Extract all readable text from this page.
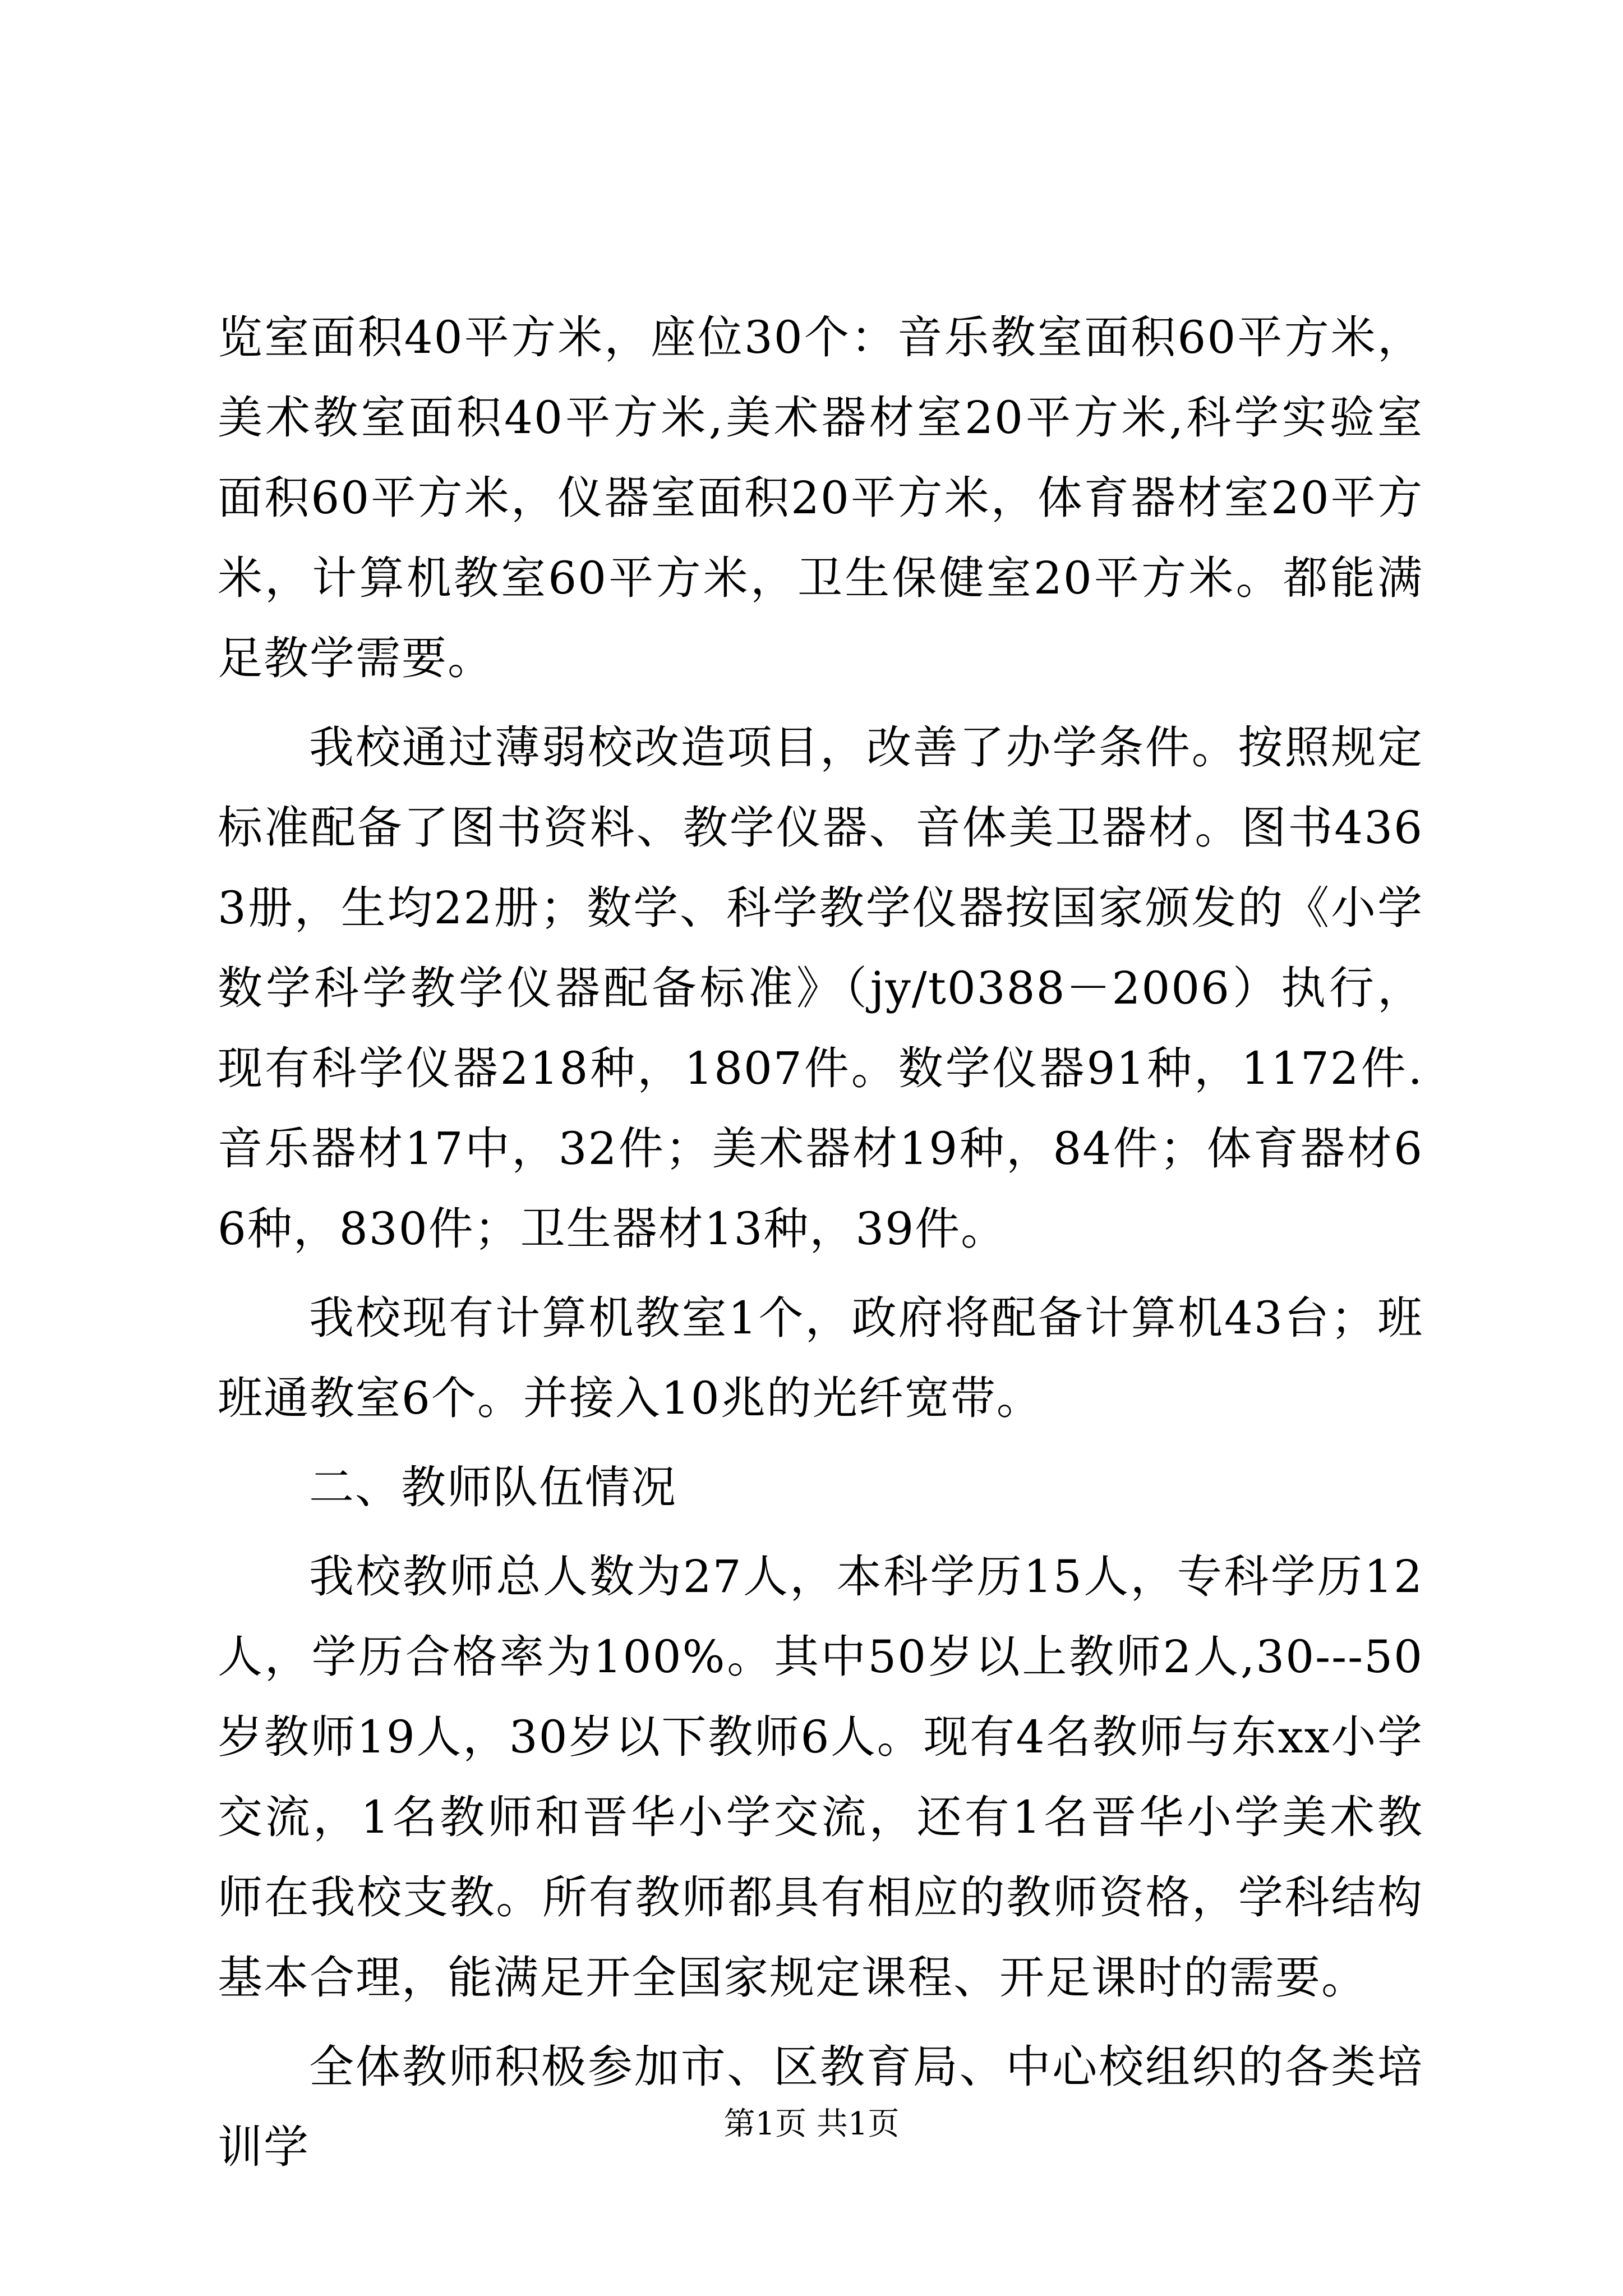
览室面积40平方米，座位30个：音乐教室面积60平方米，美术教室面积40平方米,美术器材室20平方米,科学实验室面积60平方米，仪器室面积20平方米，体育器材室20平方米，计算机教室60平方米，卫生保健室20平方米。都能满足教学需要。

我校通过薄弱校改造项目，改善了办学条件。按照规定标准配备了图书资料、教学仪器、音体美卫器材。图书4363册，生均22册；数学、科学教学仪器按国家颁发的《小学数学科学教学仪器配备标准》（jy/t0388－2006）执行，现有科学仪器218种，1807件。数学仪器91种，1172件.音乐器材17中，32件；美术器材19种，84件；体育器材66种，830件；卫生器材13种，39件。

我校现有计算机教室1个，政府将配备计算机43台；班班通教室6个。并接入10兆的光纤宽带。

二、教师队伍情况

我校教师总人数为27人，本科学历15人，专科学历12人，学历合格率为100%。其中50岁以上教师2人,30---50岁教师19人，30岁以下教师6人。现有4名教师与东xx小学交流，1名教师和晋华小学交流，还有1名晋华小学美术教师在我校支教。所有教师都具有相应的教师资格，学科结构基本合理，能满足开全国家规定课程、开足课时的需要。

全体教师积极参加市、区教育局、中心校组织的各类培训学	第1页 共1页
